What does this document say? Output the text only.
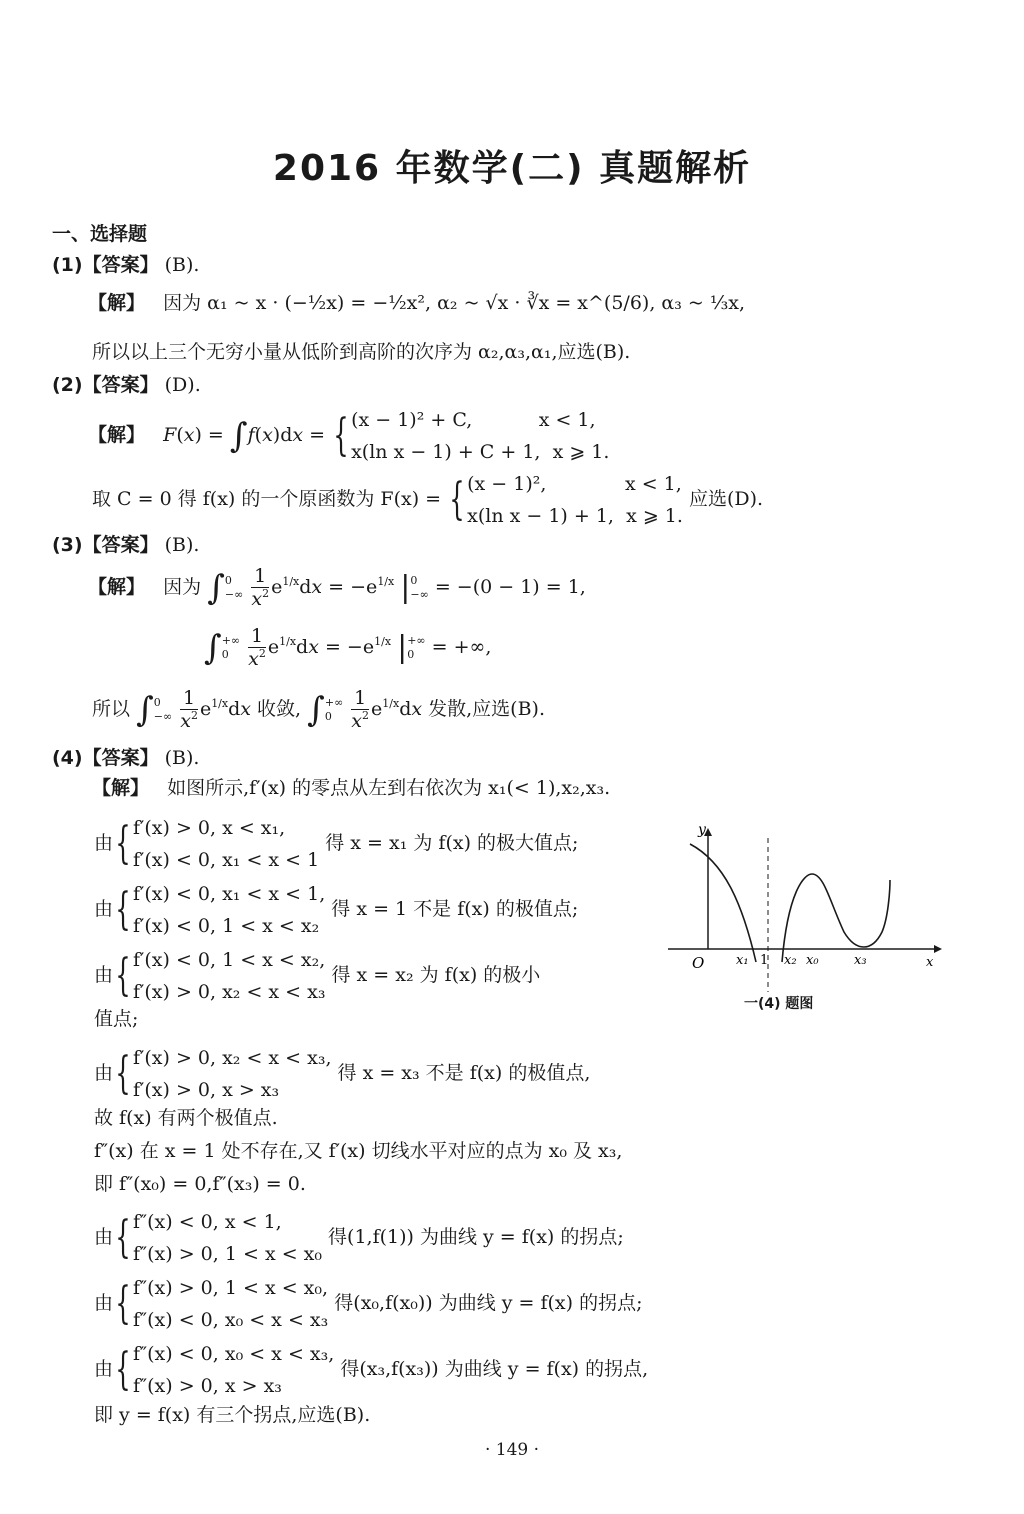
2016 年数学(二) 真题解析
一、选择题
(1)【答案】 (B).
【解】 因为 α₁ ~ x · (−½x) = −½x², α₂ ~ √x · ∛x = x^(5/6), α₃ ~ ⅓x,
所以以上三个无穷小量从低阶到高阶的次序为 α₂,α₃,α₁,应选(B).
(2)【答案】 (D).
【解】 F(x) = ∫f(x)dx = { (x − 1)² + C,	x < 1,
x(ln x − 1) + C + 1, x ⩾ 1.
取 C = 0 得 f(x) 的一个原函数为 F(x) = { (x − 1)²,	x < 1,
x(ln x − 1) + 1, x ⩾ 1. 应选(D).
(3)【答案】 (B).
【解】 因为 ∫0
−∞ $\frac{1}{x^2} e^{1/x}dx = -e^{1/x}$ |0
−∞ = −(0 − 1) = 1,
∫+∞
$0 \frac{1}{x^2} e^{1/x}dx = -e^{1/x}$ |+∞
0 = +∞,
所以 ∫0
−∞ $\frac{1}{x^2} e^{1/x}dx$ 收敛, ∫+∞
$0 \frac{1}{x^2} e^{1/x}dx$ 发散,应选(B).
(4)【答案】 (B).
【解】 如图所示,f′(x) 的零点从左到右依次为 x₁(< 1),x₂,x₃.
由{ f′(x) > 0, x < x₁,
f′(x) < 0, x₁ < x < 1 得 x = x₁ 为 f(x) 的极大值点;
由{ f′(x) < 0, x₁ < x < 1,
f′(x) < 0, 1 < x < x₂ 得 x = 1 不是 f(x) 的极值点;
由{ f′(x) < 0, 1 < x < x₂,
f′(x) > 0, x₂ < x < x₃ 得 x = x₂ 为 f(x) 的极小
值点;
由{ f′(x) > 0, x₂ < x < x₃,
f′(x) > 0, x > x₃ 得 x = x₃ 不是 f(x) 的极值点,
故 f(x) 有两个极值点.
f″(x) 在 x = 1 处不存在,又 f′(x) 切线水平对应的点为 x₀ 及 x₃,
即 f″(x₀) = 0,f″(x₃) = 0.
由{ f″(x) < 0, x < 1,
f″(x) > 0, 1 < x < x₀ 得(1,f(1)) 为曲线 y = f(x) 的拐点;
由{ f″(x) > 0, 1 < x < x₀,
f″(x) < 0, x₀ < x < x₃ 得(x₀,f(x₀)) 为曲线 y = f(x) 的拐点;
由{ f″(x) < 0, x₀ < x < x₃,
f″(x) > 0, x > x₃ 得(x₃,f(x₃)) 为曲线 y = f(x) 的拐点,
即 y = f(x) 有三个拐点,应选(B).
y
x
O x₁ 1 x₂ x₀	x₃
一(4) 题图
· 149 ·
